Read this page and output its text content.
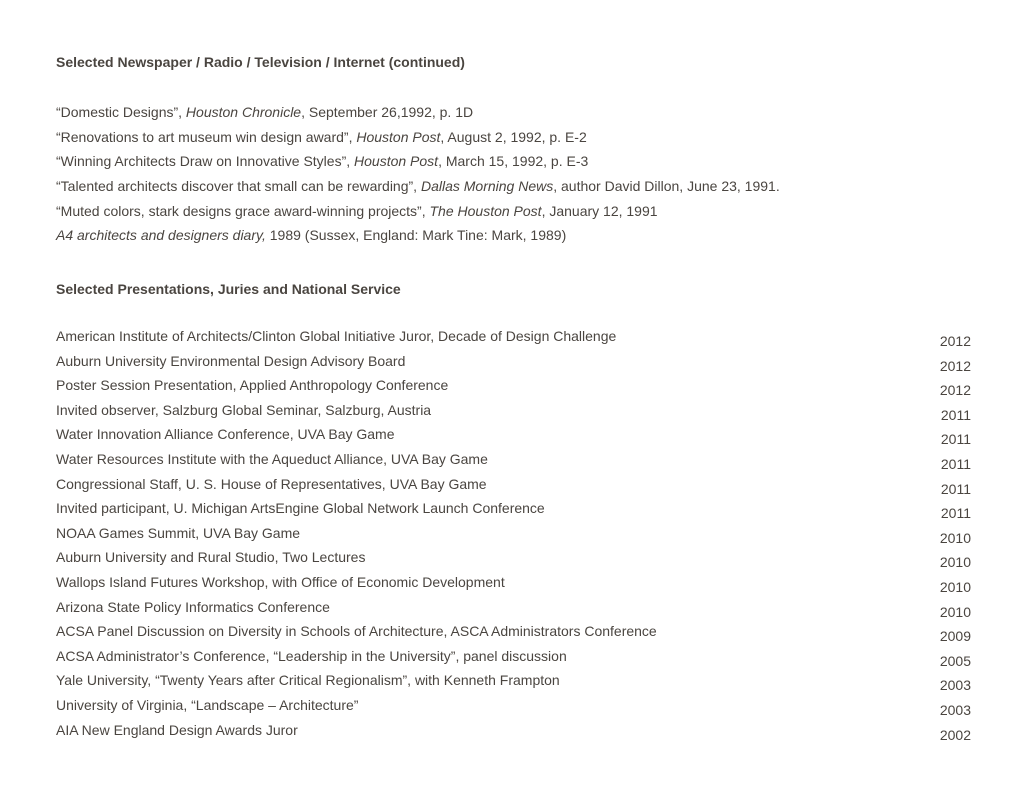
Selected Newspaper / Radio / Television / Internet (continued)
“Domestic Designs”, Houston Chronicle, September 26,1992, p. 1D
“Renovations to art museum win design award”, Houston Post, August 2, 1992, p. E-2
“Winning Architects Draw on Innovative Styles”, Houston Post, March 15, 1992, p. E-3
“Talented architects discover that small can be rewarding”, Dallas Morning News, author David Dillon, June 23, 1991.
“Muted colors, stark designs grace award-winning projects”, The Houston Post, January 12, 1991
A4 architects and designers diary, 1989 (Sussex, England: Mark Tine: Mark, 1989)
Selected Presentations, Juries and National Service
American Institute of Architects/Clinton Global Initiative Juror, Decade of Design Challenge	2012
Auburn University Environmental Design Advisory Board	2012
Poster Session Presentation, Applied Anthropology Conference	2012
Invited observer, Salzburg Global Seminar, Salzburg, Austria	2011
Water Innovation Alliance Conference, UVA Bay Game	2011
Water Resources Institute with the Aqueduct Alliance, UVA Bay Game	2011
Congressional Staff, U. S. House of Representatives, UVA Bay Game	2011
Invited participant, U. Michigan ArtsEngine Global Network Launch Conference	2011
NOAA Games Summit, UVA Bay Game	2010
Auburn University and Rural Studio, Two Lectures	2010
Wallops Island Futures Workshop, with Office of Economic Development	2010
Arizona State Policy Informatics Conference	2010
ACSA Panel Discussion on Diversity in Schools of Architecture, ASCA Administrators Conference	2009
ACSA Administrator’s Conference, “Leadership in the University”, panel discussion	2005
Yale University, “Twenty Years after Critical Regionalism”, with Kenneth Frampton	2003
University of Virginia, “Landscape – Architecture”	2003
AIA New England Design Awards Juror	2002
